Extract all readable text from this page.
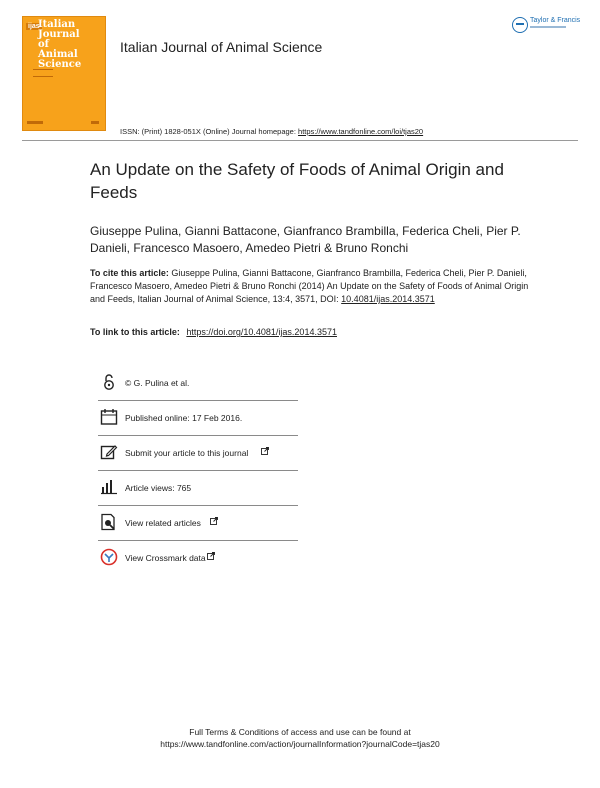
ijas
Italian
Journal
of
Animal
Science
Italian Journal of Animal Science
Taylor & Francis
ISSN: (Print) 1828-051X (Online) Journal homepage: https://www.tandfonline.com/loi/tjas20
An Update on the Safety of Foods of Animal Origin and Feeds
Giuseppe Pulina, Gianni Battacone, Gianfranco Brambilla, Federica Cheli, Pier P. Danieli, Francesco Masoero, Amedeo Pietri & Bruno Ronchi
To cite this article: Giuseppe Pulina, Gianni Battacone, Gianfranco Brambilla, Federica Cheli, Pier P. Danieli, Francesco Masoero, Amedeo Pietri & Bruno Ronchi (2014) An Update on the Safety of Foods of Animal Origin and Feeds, Italian Journal of Animal Science, 13:4, 3571, DOI: 10.4081/ijas.2014.3571
To link to this article: https://doi.org/10.4081/ijas.2014.3571
© G. Pulina et al.
Published online: 17 Feb 2016.
Submit your article to this journal
Article views: 765
View related articles
View Crossmark data
Full Terms & Conditions of access and use can be found at
https://www.tandfonline.com/action/journalInformation?journalCode=tjas20
